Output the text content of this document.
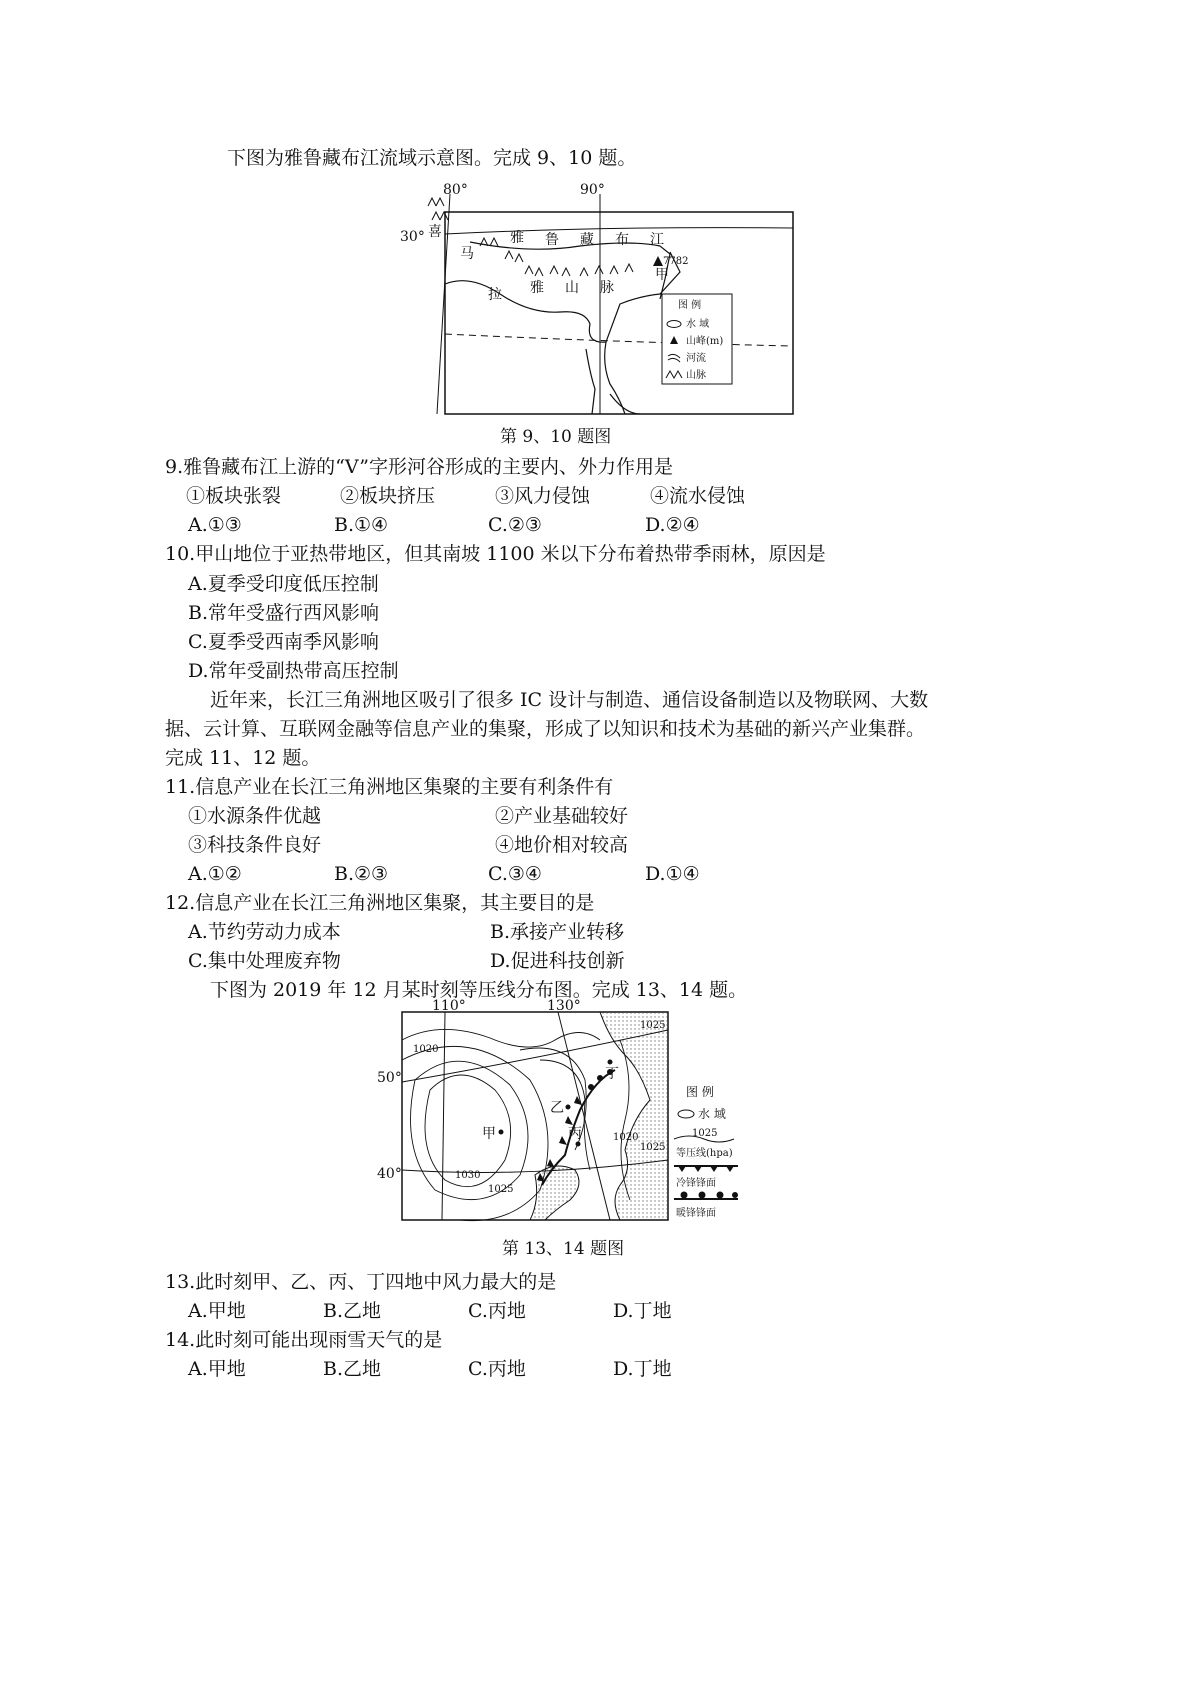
下图为雅鲁藏布江流域示意图。完成 9、10 题。
80°	90°
30° 喜
马
拉 雅 山 脉
雅 鲁 藏 布 江
甲
7782
图 例
水 域
山峰(m)
河流
山脉
第 9、10 题图
9.雅鲁藏布江上游的“V”字形河谷形成的主要内、外力作用是
①板块张裂	②板块挤压	③风力侵蚀	④流水侵蚀
A.①③	B.①④	C.②③	D.②④
10.甲山地位于亚热带地区，但其南坡 1100 米以下分布着热带季雨林，原因是
A.夏季受印度低压控制
B.常年受盛行西风影响
C.夏季受西南季风影响
D.常年受副热带高压控制
近年来，长江三角洲地区吸引了很多 IC 设计与制造、通信设备制造以及物联网、大数
据、云计算、互联网金融等信息产业的集聚，形成了以知识和技术为基础的新兴产业集群。
完成 11、12 题。
11.信息产业在长江三角洲地区集聚的主要有利条件有
①水源条件优越	②产业基础较好
③科技条件良好	④地价相对较高
A.①②	B.②③	C.③④	D.①④
12.信息产业在长江三角洲地区集聚，其主要目的是
A.节约劳动力成本	B.承接产业转移
C.集中处理废弃物	D.促进科技创新
下图为 2019 年 12 月某时刻等压线分布图。完成 13、14 题。
110°	130°
50°
40°
1020
1030
1025
1020
1025
1025
甲
乙
丙
丁
图 例
水 域
1025
等压线(hpa)
冷锋锋面
暖锋锋面
第 13、14 题图
13.此时刻甲、乙、丙、丁四地中风力最大的是
A.甲地	B.乙地	C.丙地	D.丁地
14.此时刻可能出现雨雪天气的是
A.甲地	B.乙地	C.丙地	D.丁地
